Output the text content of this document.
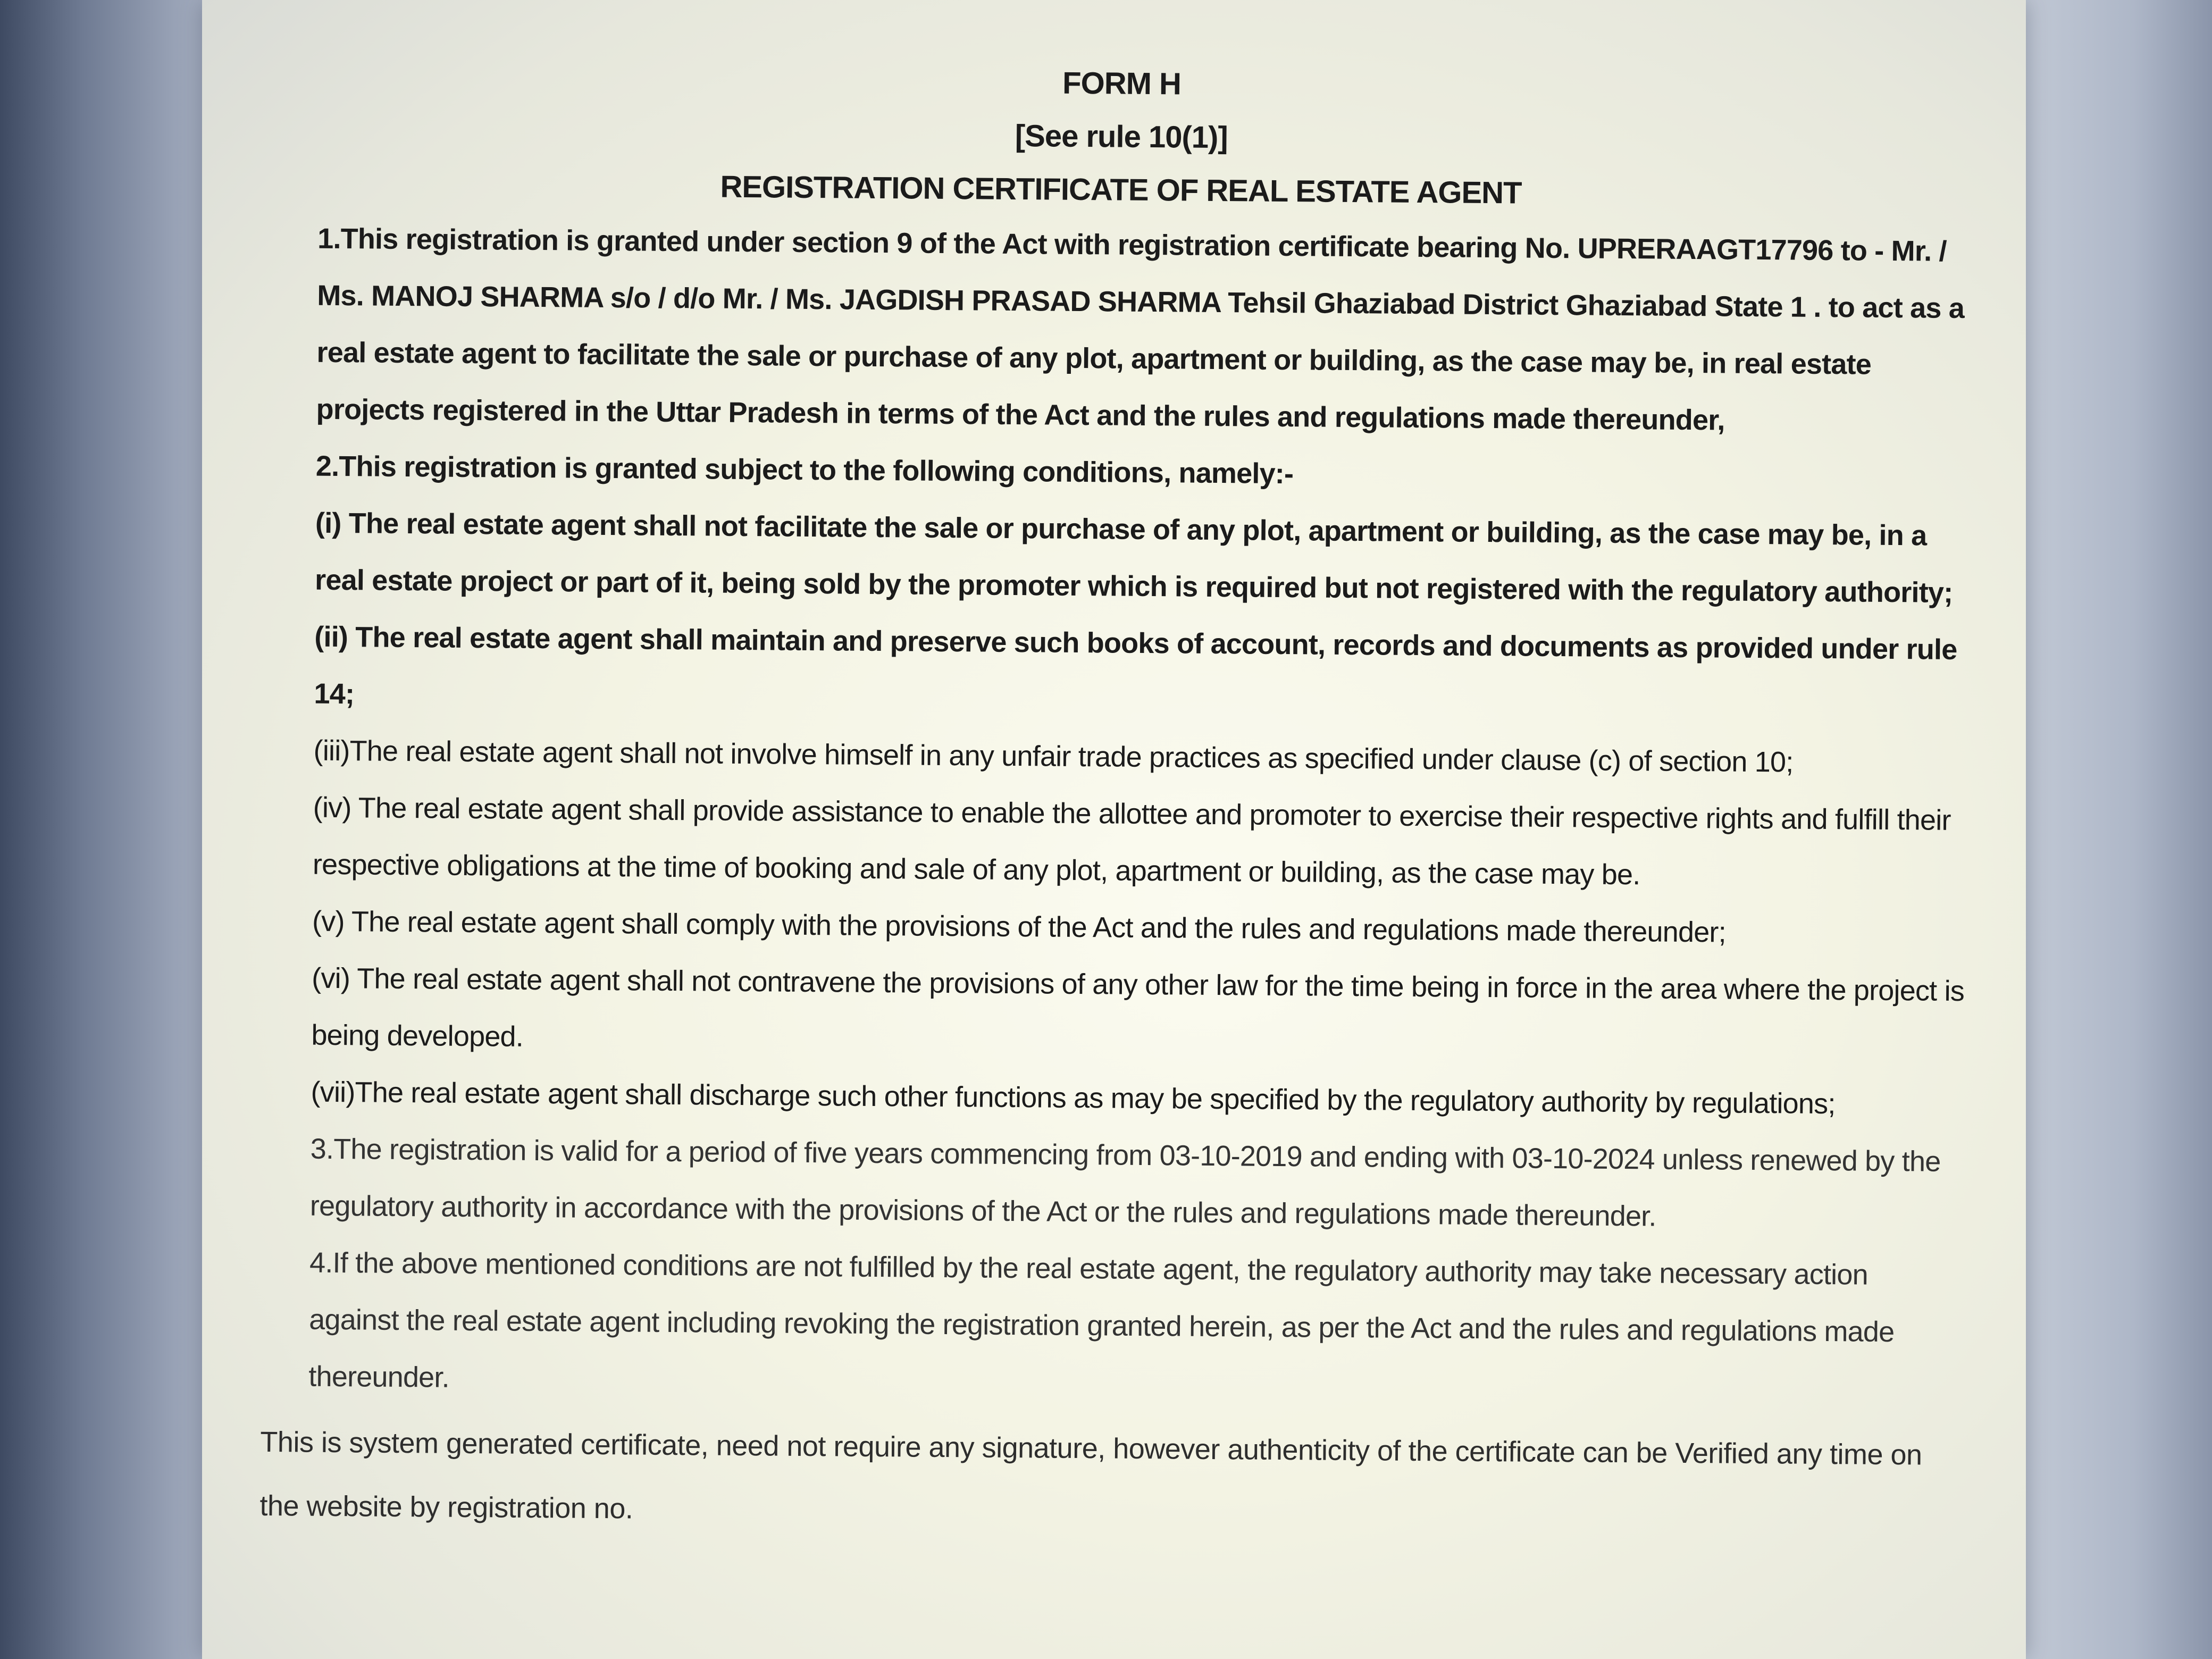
FORM H

[See rule 10(1)]

REGISTRATION CERTIFICATE OF REAL ESTATE AGENT

1.This registration is granted under section 9 of the Act with registration certificate bearing No. UPRERAAGT17796 to - Mr. / Ms. MANOJ SHARMA s/o / d/o Mr. / Ms. JAGDISH PRASAD SHARMA Tehsil Ghaziabad District Ghaziabad State 1 . to act as a real estate agent to facilitate the sale or purchase of any plot, apartment or building, as the case may be, in real estate projects registered in the Uttar Pradesh in terms of the Act and the rules and regulations made thereunder,

2.This registration is granted subject to the following conditions, namely:-

(i) The real estate agent shall not facilitate the sale or purchase of any plot, apartment or building, as the case may be, in a real estate project or part of it, being sold by the promoter which is required but not registered with the regulatory authority;

(ii) The real estate agent shall maintain and preserve such books of account, records and documents as provided under rule 14;

(iii)The real estate agent shall not involve himself in any unfair trade practices as specified under clause (c) of section 10;

(iv) The real estate agent shall provide assistance to enable the allottee and promoter to exercise their respective rights and fulfill their respective obligations at the time of booking and sale of any plot, apartment or building, as the case may be.

(v) The real estate agent shall comply with the provisions of the Act and the rules and regulations made thereunder;

(vi) The real estate agent shall not contravene the provisions of any other law for the time being in force in the area where the project is being developed.

(vii)The real estate agent shall discharge such other functions as may be specified by the regulatory authority by regulations;

3.The registration is valid for a period of five years commencing from 03-10-2019 and ending with 03-10-2024 unless renewed by the regulatory authority in accordance with the provisions of the Act or the rules and regulations made thereunder.

4.If the above mentioned conditions are not fulfilled by the real estate agent, the regulatory authority may take necessary action against the real estate agent including revoking the registration granted herein, as per the Act and the rules and regulations made thereunder.

This is system generated certificate, need not require any signature, however authenticity of the certificate can be Verified any time on the website by registration no.
